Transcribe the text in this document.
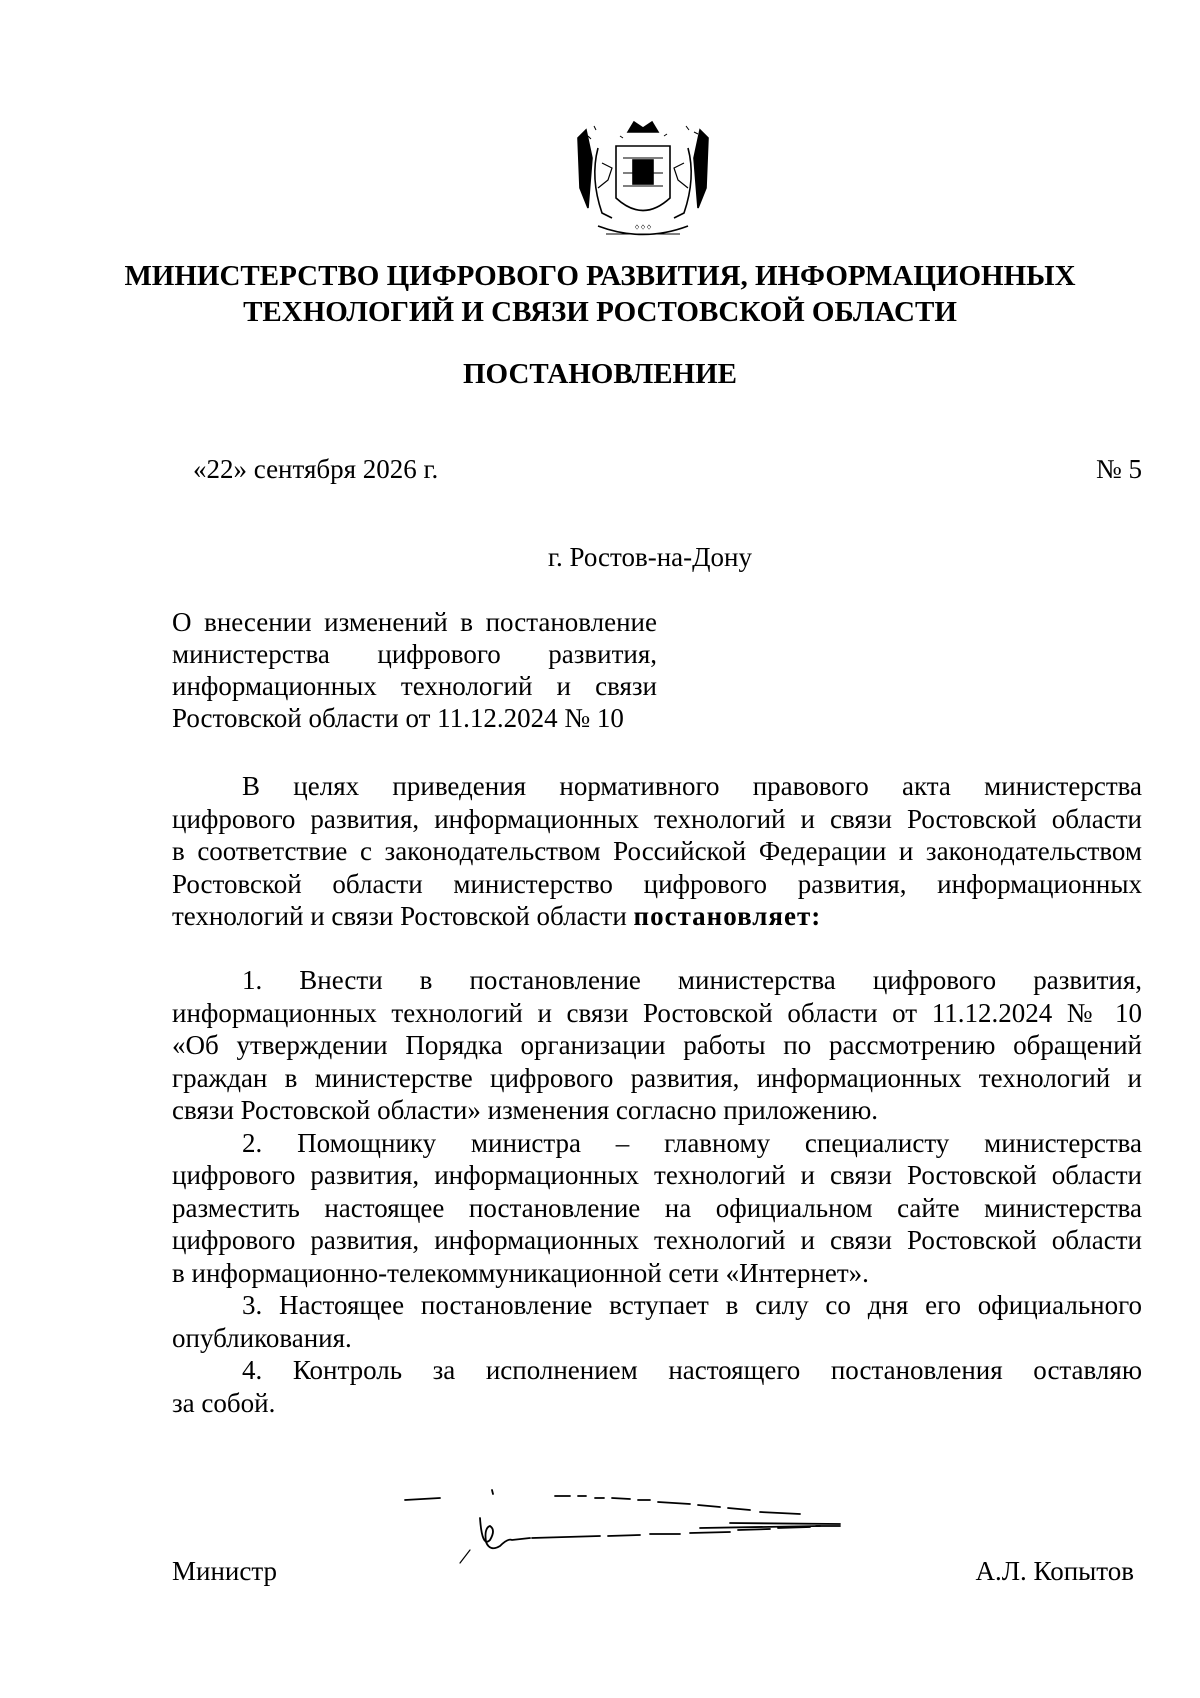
ᛜᛜᛜ
МИНИСТЕРСТВО ЦИФРОВОГО РАЗВИТИЯ, ИНФОРМАЦИОННЫХ
ТЕХНОЛОГИЙ И СВЯЗИ РОСТОВСКОЙ ОБЛАСТИ
ПОСТАНОВЛЕНИЕ
«22» сентября 2026 г.	№ 5
г. Ростов-на-Дону
О внесении изменений в постановление
министерства цифрового развития,
информационных технологий и связи
Ростовской области от 11.12.2024 № 10
В целях приведения нормативного правового акта министерства
цифрового развития, информационных технологий и связи Ростовской области
в соответствие с законодательством Российской Федерации и законодательством
Ростовской области министерство цифрового развития, информационных
технологий и связи Ростовской области постановляет:
1. Внести в постановление министерства цифрового развития,
информационных технологий и связи Ростовской области от 11.12.2024 № 10
«Об утверждении Порядка организации работы по рассмотрению обращений
граждан в министерстве цифрового развития, информационных технологий и
связи Ростовской области» изменения согласно приложению.
2. Помощнику министра – главному специалисту министерства
цифрового развития, информационных технологий и связи Ростовской области
разместить настоящее постановление на официальном сайте министерства
цифрового развития, информационных технологий и связи Ростовской области
в информационно-телекоммуникационной сети «Интернет».
3. Настоящее постановление вступает в силу со дня его официального
опубликования.
4. Контроль за исполнением настоящего постановления оставляю
за собой.
Министр	А.Л. Копытов
